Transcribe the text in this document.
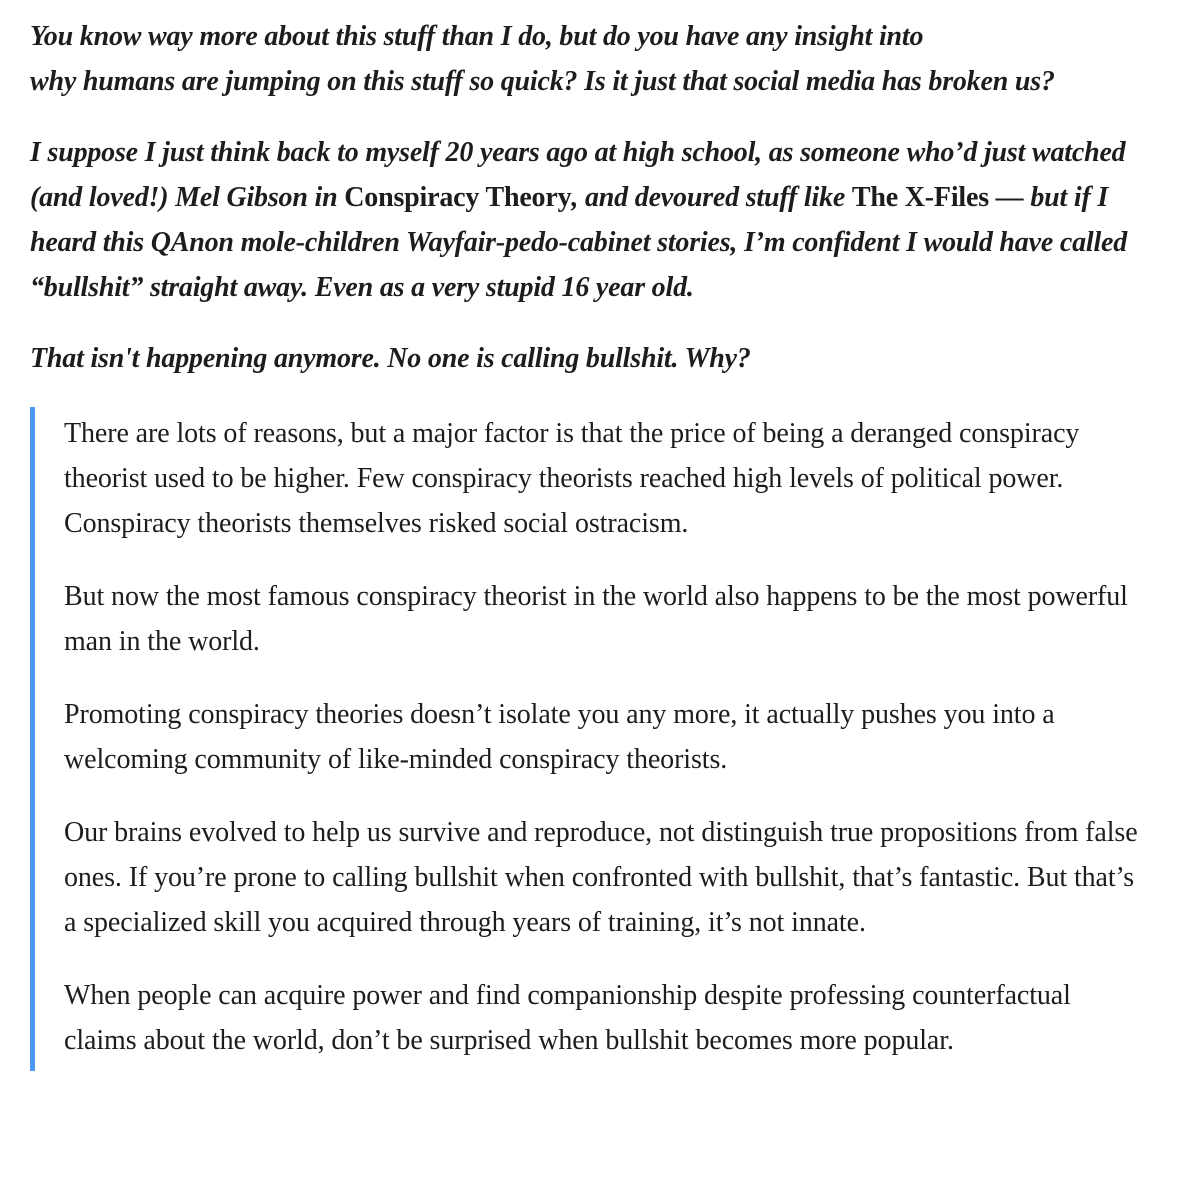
You know way more about this stuff than I do, but do you have any insight into
why humans are jumping on this stuff so quick? Is it just that social media has broken us?

I suppose I just think back to myself 20 years ago at high school, as someone who’d just watched (and loved!) Mel Gibson in Conspiracy Theory, and devoured stuff like The X-Files — but if I heard this QAnon mole-children Wayfair-pedo-cabinet stories, I’m confident I would have called “bullshit” straight away. Even as a very stupid 16 year old.

That isn't happening anymore. No one is calling bullshit. Why?

There are lots of reasons, but a major factor is that the price of being a deranged conspiracy theorist used to be higher. Few conspiracy theorists reached high levels of political power. Conspiracy theorists themselves risked social ostracism.

But now the most famous conspiracy theorist in the world also happens to be the most powerful man in the world.

Promoting conspiracy theories doesn’t isolate you any more, it actually pushes you into a welcoming community of like-minded conspiracy theorists.

Our brains evolved to help us survive and reproduce, not distinguish true propositions from false ones. If you’re prone to calling bullshit when confronted with bullshit, that’s fantastic. But that’s a specialized skill you acquired through years of training, it’s not innate.

When people can acquire power and find companionship despite professing counterfactual claims about the world, don’t be surprised when bullshit becomes more popular.
